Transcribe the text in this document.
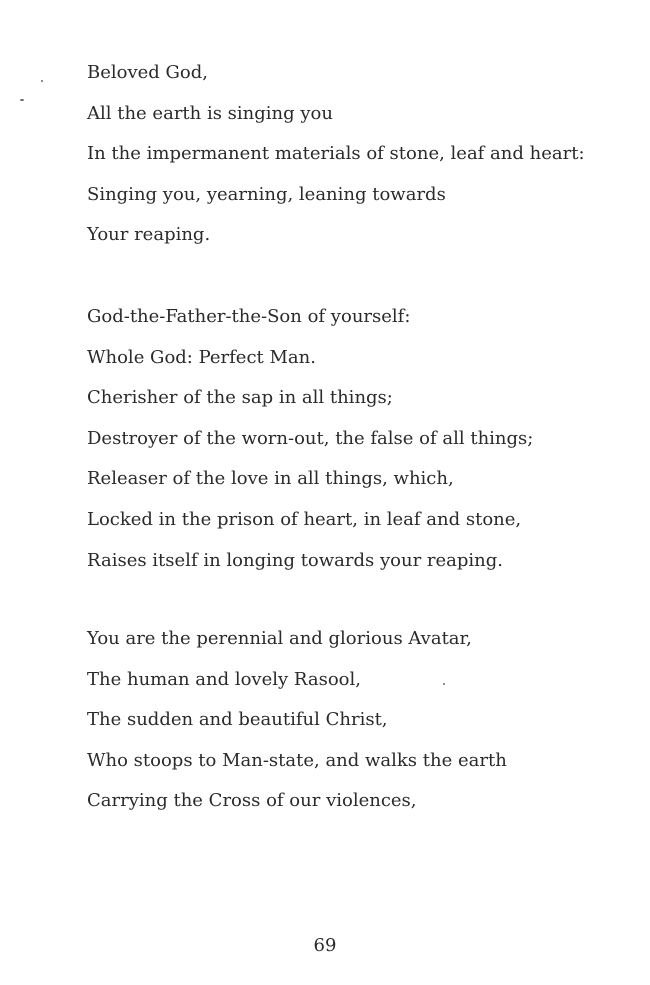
Beloved God,
All the earth is singing you
In the impermanent materials of stone, leaf and heart:
Singing you, yearning, leaning towards
Your reaping.
God-the-Father-the-Son of yourself:
Whole God: Perfect Man.
Cherisher of the sap in all things;
Destroyer of the worn-out, the false of all things;
Releaser of the love in all things, which,
Locked in the prison of heart, in leaf and stone,
Raises itself in longing towards your reaping.
You are the perennial and glorious Avatar,
The human and lovely Rasool,
The sudden and beautiful Christ,
Who stoops to Man-state, and walks the earth
Carrying the Cross of our violences,
69
